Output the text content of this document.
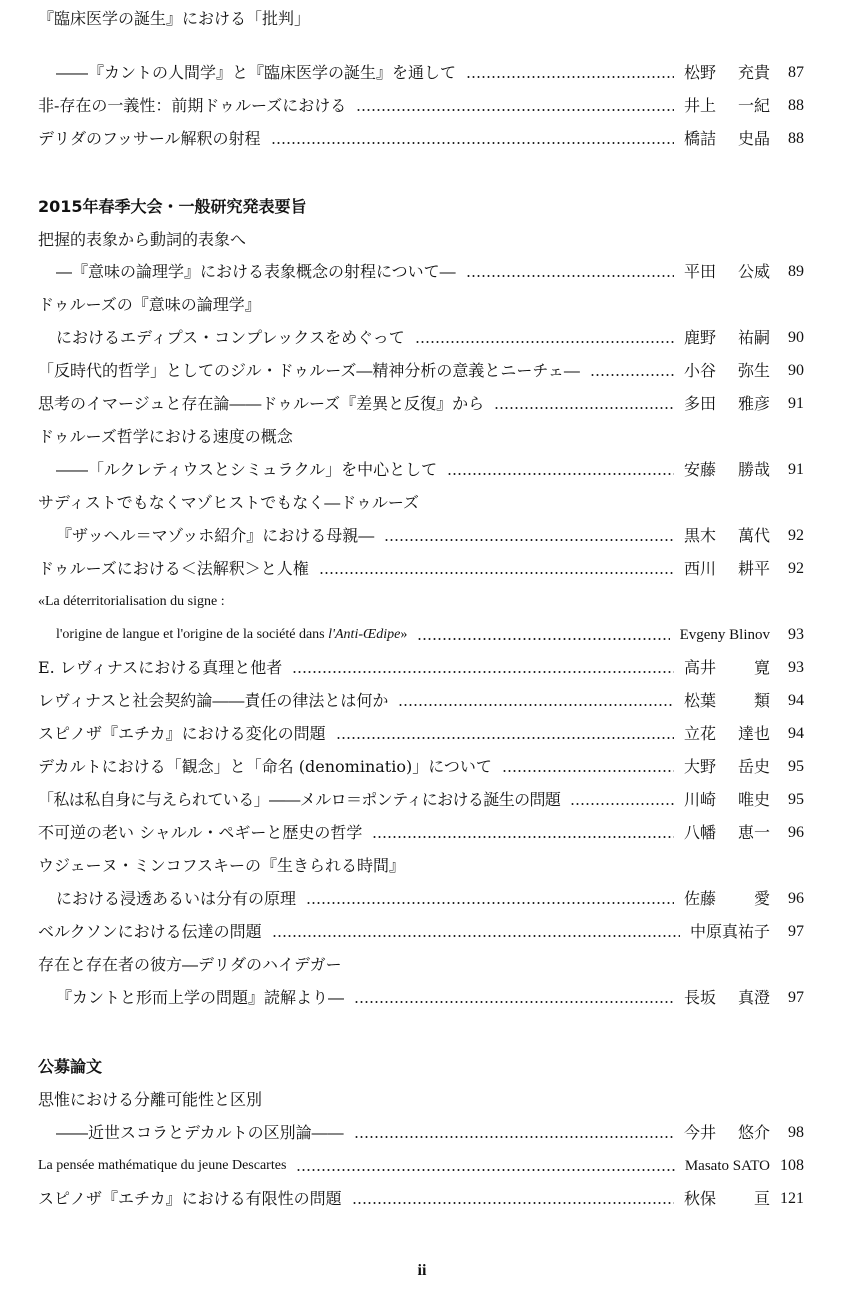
『臨床医学の誕生』における「批判」
――『カントの人間学』と『臨床医学の誕生』を通して	松野 充貴	87
非‐存在の一義性：前期ドゥルーズにおける	井上 一紀	88
デリダのフッサール解釈の射程	橋詰 史晶	88
2015年春季大会・一般研究発表要旨
把握的表象から動詞的表象へ
―『意味の論理学』における表象概念の射程について―	平田 公威	89
ドゥルーズの『意味の論理学』
におけるエディプス・コンプレックスをめぐって	鹿野 祐嗣	90
「反時代的哲学」としてのジル・ドゥルーズ―精神分析の意義とニーチェ―	小谷 弥生	90
思考のイマージュと存在論――ドゥルーズ『差異と反復』から	多田 雅彦	91
ドゥルーズ哲学における速度の概念
――「ルクレティウスとシミュラクル」を中心として	安藤 勝哉	91
サディストでもなくマゾヒストでもなく―ドゥルーズ
『ザッヘル＝マゾッホ紹介』における母親―	黒木 萬代	92
ドゥルーズにおける＜法解釈＞と人権	西川 耕平	92
«La déterritorialisation du signe :
l'origine de langue et l'origine de la société dans l'Anti-Œdipe»	Evgeny Blinov	93
E. レヴィナスにおける真理と他者	高井 寛	93
レヴィナスと社会契約論――責任の律法とは何か	松葉 類	94
スピノザ『エチカ』における変化の問題	立花 達也	94
デカルトにおける「観念」と「命名 (denominatio)」について	大野 岳史	95
「私は私自身に与えられている」――メルロ＝ポンティにおける誕生の問題	川崎 唯史	95
不可逆の老い シャルル・ペギーと歴史の哲学	八幡 恵一	96
ウジェーヌ・ミンコフスキーの『生きられる時間』
における浸透あるいは分有の原理	佐藤 愛	96
ベルクソンにおける伝達の問題	中原真祐子	97
存在と存在者の彼方―デリダのハイデガー
『カントと形而上学の問題』読解より―	長坂 真澄	97
公募論文
思惟における分離可能性と区別
――近世スコラとデカルトの区別論――	今井 悠介	98
La pensée mathématique du jeune Descartes	Masato SATO 108
スピノザ『エチカ』における有限性の問題	秋保 亘 121
ii
